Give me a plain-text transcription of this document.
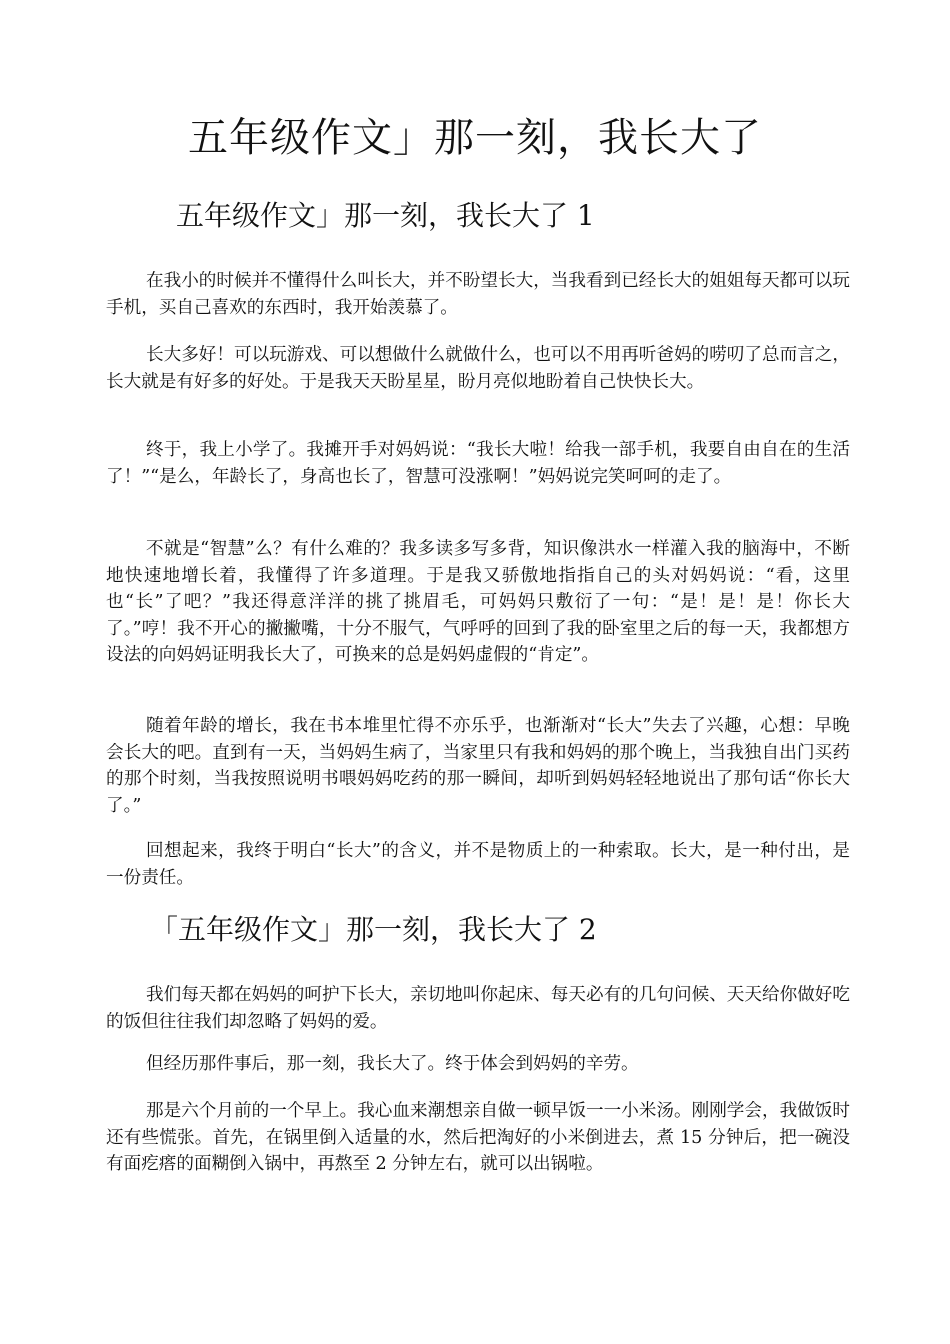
五年级作文」那一刻，我长大了
五年级作文」那一刻，我长大了 1

在我小的时候并不懂得什么叫长大，并不盼望长大，当我看到已经长大的姐姐每天都可以玩手机，买自己喜欢的东西时，我开始羡慕了。

长大多好！可以玩游戏、可以想做什么就做什么，也可以不用再听爸妈的唠叨了总而言之，长大就是有好多的好处。于是我天天盼星星，盼月亮似地盼着自己快快长大。

终于，我上小学了。我摊开手对妈妈说：“我长大啦！给我一部手机，我要自由自在的生活了！”“是么，年龄长了，身高也长了，智慧可没涨啊！”妈妈说完笑呵呵的走了。

不就是“智慧”么？有什么难的？我多读多写多背，知识像洪水一样灌入我的脑海中，不断地快速地增长着，我懂得了许多道理。于是我又骄傲地指指自己的头对妈妈说：“看，这里也“长”了吧？”我还得意洋洋的挑了挑眉毛，可妈妈只敷衍了一句：“是！是！是！你长大了。”哼！我不开心的撇撇嘴，十分不服气，气呼呼的回到了我的卧室里之后的每一天，我都想方设法的向妈妈证明我长大了，可换来的总是妈妈虚假的“肯定”。

随着年龄的增长，我在书本堆里忙得不亦乐乎，也渐渐对“长大”失去了兴趣，心想：早晚会长大的吧。直到有一天，当妈妈生病了，当家里只有我和妈妈的那个晚上，当我独自出门买药的那个时刻，当我按照说明书喂妈妈吃药的那一瞬间，却听到妈妈轻轻地说出了那句话“你长大了。”

回想起来，我终于明白“长大”的含义，并不是物质上的一种索取。长大，是一种付出，是一份责任。

「五年级作文」那一刻，我长大了 2

我们每天都在妈妈的呵护下长大，亲切地叫你起床、每天必有的几句问候、天天给你做好吃的饭但往往我们却忽略了妈妈的爱。

但经历那件事后，那一刻，我长大了。终于体会到妈妈的辛劳。

那是六个月前的一个早上。我心血来潮想亲自做一顿早饭一一小米汤。刚刚学会，我做饭时还有些慌张。首先，在锅里倒入适量的水，然后把淘好的小米倒进去，煮 15 分钟后，把一碗没有面疙瘩的面糊倒入锅中，再熬至 2 分钟左右，就可以出锅啦。
